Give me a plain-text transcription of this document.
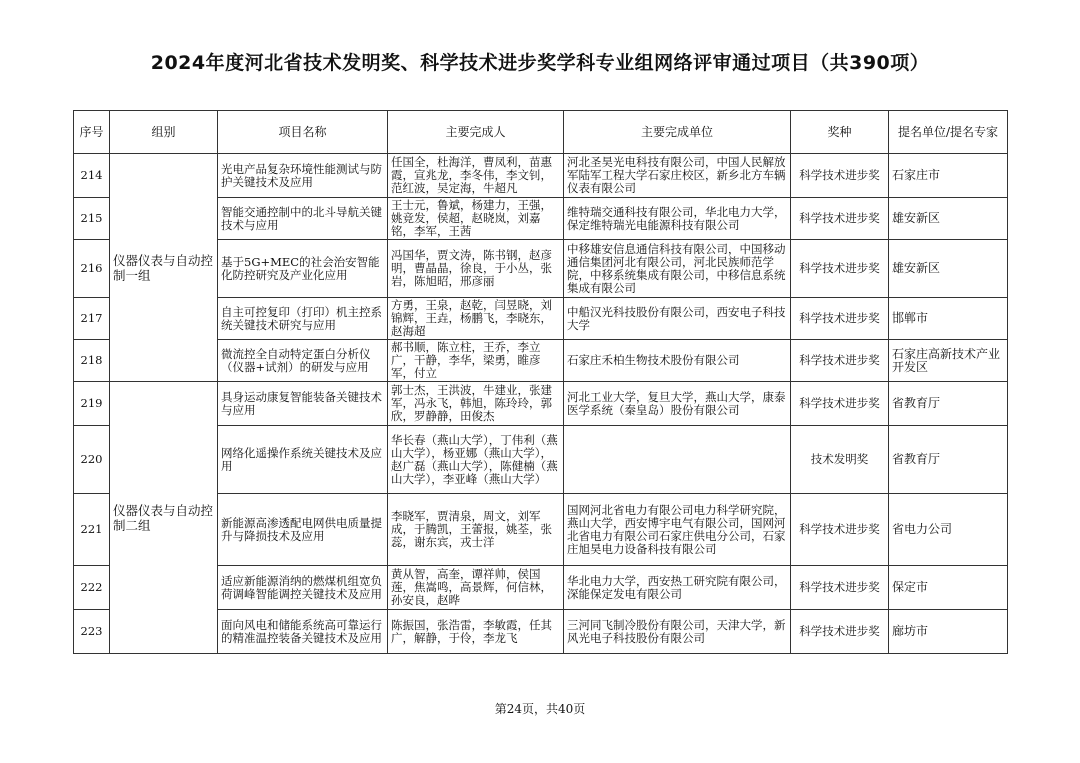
2024年度河北省技术发明奖、科学技术进步奖学科专业组网络评审通过项目（共390项）
序号	组别	项目名称	主要完成人	主要完成单位	奖种	提名单位/提名专家
214	仪器仪表与自动控制一组	光电产品复杂环境性能测试与防护关键技术及应用	任国全，杜海洋，曹凤利，苗惠霞，宣兆龙，李冬伟，李文钊，范红波，吴定海，牛超凡	河北圣昊光电科技有限公司，中国人民解放军陆军工程大学石家庄校区，新乡北方车辆仪表有限公司	科学技术进步奖	石家庄市
215		智能交通控制中的北斗导航关键技术与应用	王士元，鲁斌，杨建力，王强，姚竞发，侯超，赵晓岚，刘嘉铭，李军，王茜	维特瑞交通科技有限公司，华北电力大学，保定维特瑞光电能源科技有限公司	科学技术进步奖	雄安新区
216		基于5G+MEC的社会治安智能化防控研究及产业化应用	冯国华，贾文涛，陈书钢，赵彦明，曹晶晶，徐良，于小丛，张岩，陈旭昭，邢彦丽	中移雄安信息通信科技有限公司，中国移动通信集团河北有限公司，河北民族师范学院，中移系统集成有限公司，中移信息系统集成有限公司	科学技术进步奖	雄安新区
217		自主可控复印（打印）机主控系统关键技术研究与应用	方勇，王泉，赵乾，闫昱晓，刘锦辉，王垚，杨鹏飞，李晓东，赵海超	中船汉光科技股份有限公司，西安电子科技大学	科学技术进步奖	邯郸市
218		微流控全自动特定蛋白分析仪（仪器+试剂）的研发与应用	郝书顺，陈立柱，王乔，李立广，干静，李华，梁勇，睢彦军，付立	石家庄禾柏生物技术股份有限公司	科学技术进步奖	石家庄高新技术产业开发区
219	仪器仪表与自动控制二组	具身运动康复智能装备关键技术与应用	郭士杰，王洪波，牛建业，张建军，冯永飞，韩旭，陈玲玲，郭欣，罗静静，田俊杰	河北工业大学，复旦大学，燕山大学，康泰医学系统（秦皇岛）股份有限公司	科学技术进步奖	省教育厅
220		网络化遥操作系统关键技术及应用	华长春（燕山大学），丁伟利（燕山大学），杨亚娜（燕山大学），赵广磊（燕山大学），陈健楠（燕山大学），李亚峰（燕山大学）		技术发明奖	省教育厅
221		新能源高渗透配电网供电质量提升与降损技术及应用	李晓军，贾清泉，周文，刘军成，于腾凯，王蕾报，姚荃，张蕊，谢东宾，戎士洋	国网河北省电力有限公司电力科学研究院，燕山大学，西安博宇电气有限公司，国网河北省电力有限公司石家庄供电分公司，石家庄旭昊电力设备科技有限公司	科学技术进步奖	省电力公司
222		适应新能源消纳的燃煤机组宽负荷调峰智能调控关键技术及应用	黄从智，高奎，谭祥帅，侯国莲，焦嵩鸣，高景辉，何信林，孙安良，赵晔	华北电力大学，西安热工研究院有限公司，深能保定发电有限公司	科学技术进步奖	保定市
223		面向风电和储能系统高可靠运行的精准温控装备关键技术及应用	陈振国，张浩雷，李敏霞，任其广，解静，于伶，李龙飞	三河同飞制冷股份有限公司，天津大学，新风光电子科技股份有限公司	科学技术进步奖	廊坊市
第24页，共40页
